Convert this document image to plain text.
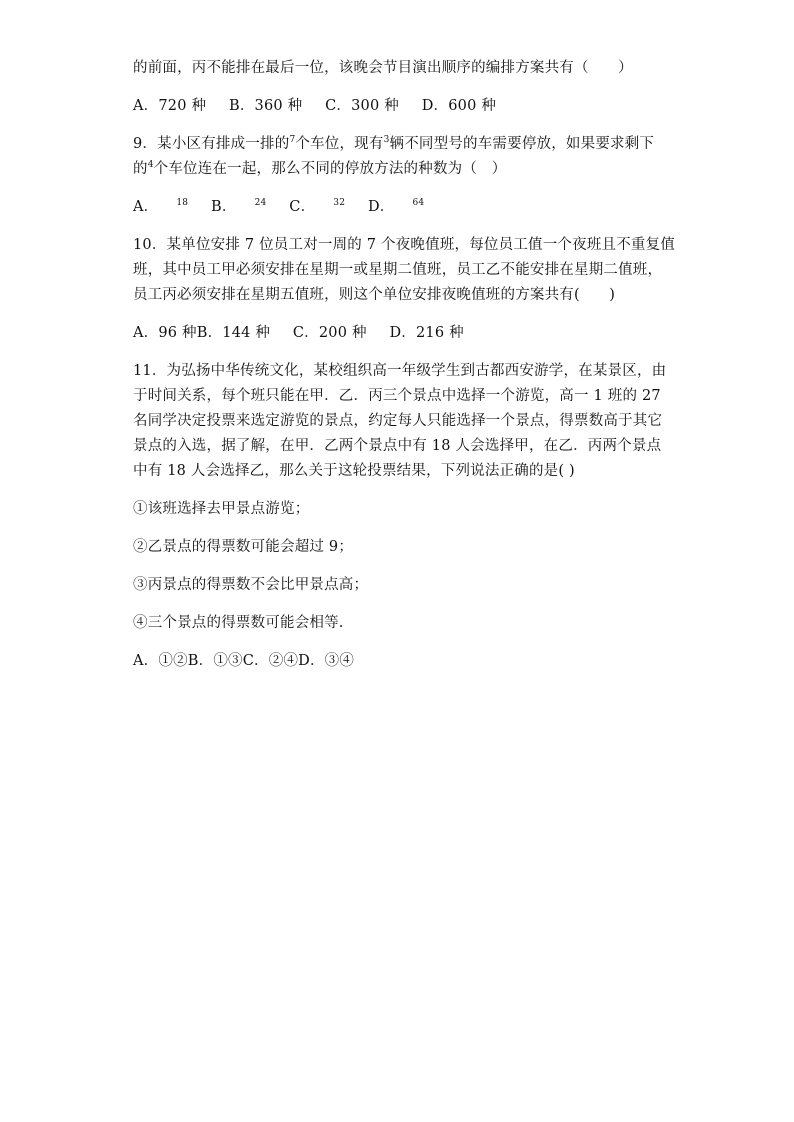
的前面，丙不能排在最后一位，该晚会节目演出顺序的编排方案共有（　　）
A．720 种 B．360 种 C．300 种 D．600 种
9．某小区有排成一排的$^7$个车位，现有$^3$辆不同型号的车需要停放，如果要求剩下
的$^4$个车位连在一起，那么不同的停放方法的种数为（　）
A． $^{18}$ B． $^{24}$ C． $^{32}$ D． $^{64}$
10．某单位安排 7 位员工对一周的 7 个夜晚值班，每位员工值一个夜班且不重复值
班，其中员工甲必须安排在星期一或星期二值班，员工乙不能安排在星期二值班，
员工丙必须安排在星期五值班，则这个单位安排夜晚值班的方案共有(　　)
A．96 种B．144 种 C．200 种 D．216 种
11．为弘扬中华传统文化，某校组织高一年级学生到古都西安游学，在某景区，由
于时间关系，每个班只能在甲．乙．丙三个景点中选择一个游览，高一 1 班的 27
名同学决定投票来选定游览的景点，约定每人只能选择一个景点，得票数高于其它
景点的入选，据了解，在甲．乙两个景点中有 18 人会选择甲，在乙．丙两个景点
中有 18 人会选择乙，那么关于这轮投票结果，下列说法正确的是( )
①该班选择去甲景点游览；
②乙景点的得票数可能会超过 9；
③丙景点的得票数不会比甲景点高；
④三个景点的得票数可能会相等.
A．①②B．①③C．②④D．③④
